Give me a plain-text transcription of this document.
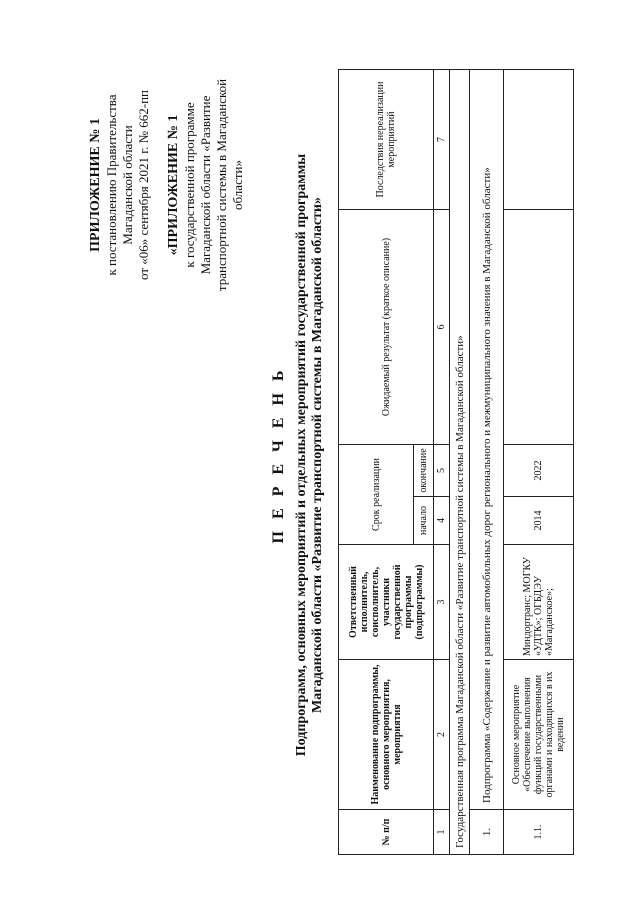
ПРИЛОЖЕНИЕ № 1 к постановлению Правительства Магаданской области от «06» сентября 2021 г. № 662-пп «ПРИЛОЖЕНИЕ № 1 к государственной программе Магаданской области «Развитие транспортной системы в Магаданской области»
П Е Р Е Ч Е Н Ь Подпрограмм, основных мероприятий и отдельных мероприятий государственной программы Магаданской области «Развитие транспортной системы в Магаданской области»
№ п/п	Наименование подпрограммы, основного мероприятия, мероприятия	Ответственный исполнитель, соисполнитель, участники государственной программы (подпрограммы)	Срок реализации		Ожидаемый результат (краткое описание)	Последствия нереализации мероприятий
			начало	окончание		
1	2	3	4	5	6	7
Государственная программа Магаданской области «Развитие транспортной системы в Магаданской области»						
1.	Подпрограмма «Содержание и развитие автомобильных дорог регионального и межмуниципального значения в Магаданской области»					
1.1.	Основное мероприятие «Обеспечение выполнения функций государственными органами и находящихся в их ведении	Миндортранс; МОГКУ «УДТК»; ОГБДЭУ «Магаданское»;	2014	2022		
